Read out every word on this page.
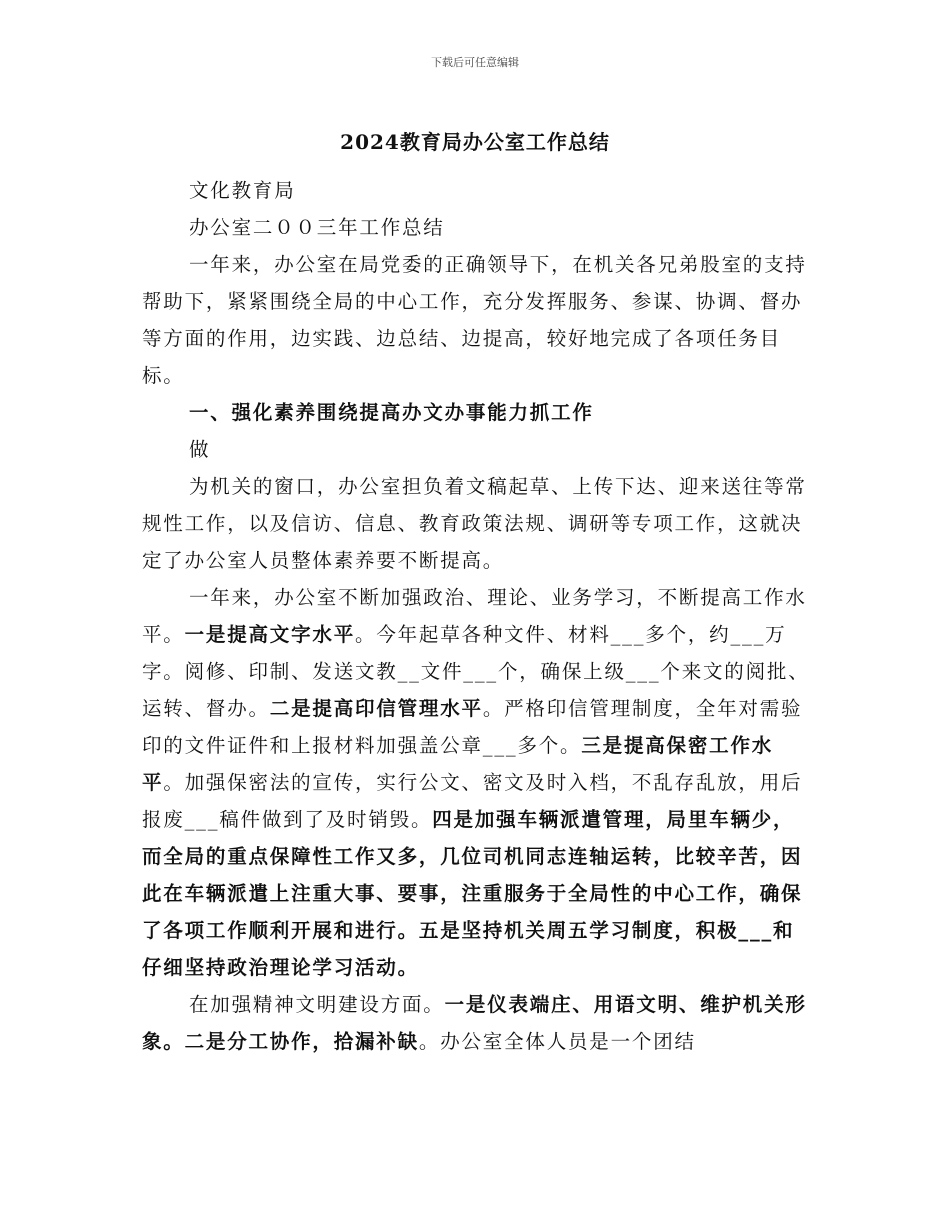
下载后可任意编辑
2024教育局办公室工作总结

文化教育局

办公室二００三年工作总结

一年来，办公室在局党委的正确领导下，在机关各兄弟股室的支持帮助下，紧紧围绕全局的中心工作，充分发挥服务、参谋、协调、督办等方面的作用，边实践、边总结、边提高，较好地完成了各项任务目标。

一、强化素养围绕提高办文办事能力抓工作

做

为机关的窗口，办公室担负着文稿起草、上传下达、迎来送往等常规性工作，以及信访、信息、教育政策法规、调研等专项工作，这就决定了办公室人员整体素养要不断提高。

一年来，办公室不断加强政治、理论、业务学习，不断提高工作水平。一是提高文字水平。今年起草各种文件、材料___多个，约___万字。阅修、印制、发送文教__文件___个，确保上级___个来文的阅批、运转、督办。二是提高印信管理水平。严格印信管理制度，全年对需验印的文件证件和上报材料加强盖公章___多个。三是提高保密工作水平。加强保密法的宣传，实行公文、密文及时入档，不乱存乱放，用后报废___稿件做到了及时销毁。四是加强车辆派遣管理，局里车辆少，而全局的重点保障性工作又多，几位司机同志连轴运转，比较辛苦，因此在车辆派遣上注重大事、要事，注重服务于全局性的中心工作，确保了各项工作顺利开展和进行。五是坚持机关周五学习制度，积极___和仔细坚持政治理论学习活动。

在加强精神文明建设方面。一是仪表端庄、用语文明、维护机关形象。二是分工协作，拾漏补缺。办公室全体人员是一个团结
